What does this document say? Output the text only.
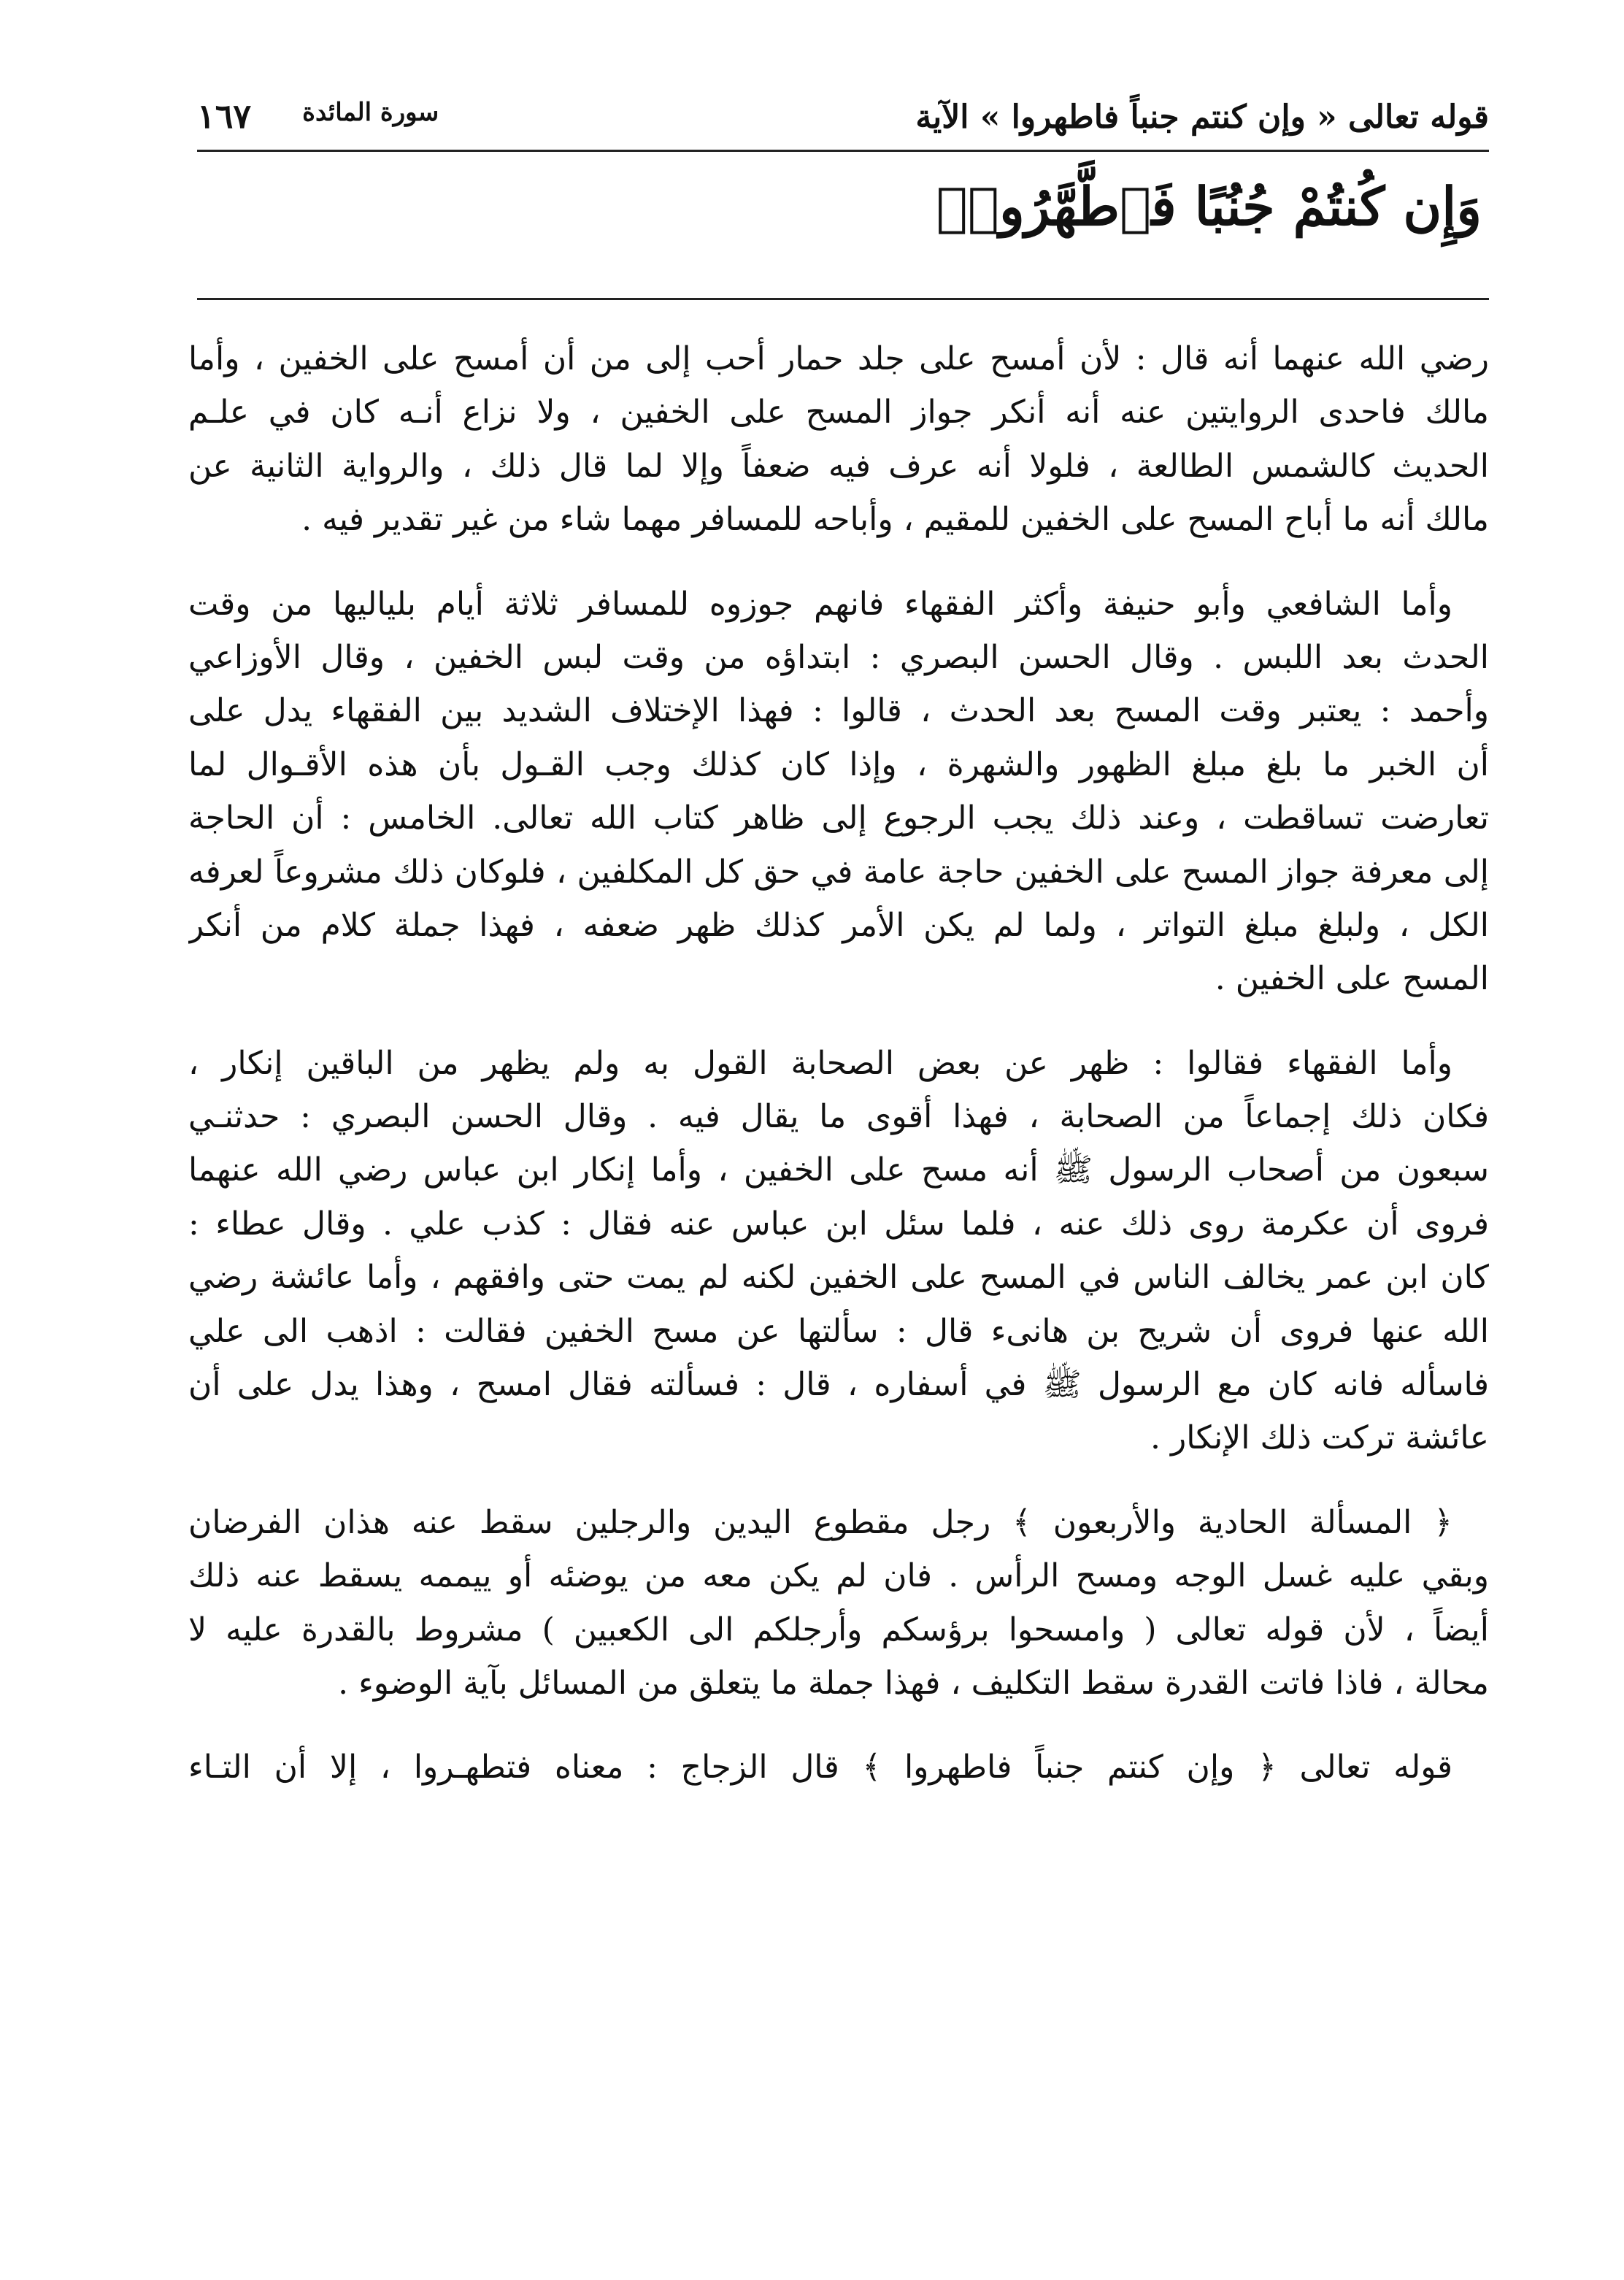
قوله تعالى « وإن كنتم جنباً فاطهروا » الآية
سورة المائدة
١٦٧
وَإِن كُنتُمْ جُنُبًا فَٱطَّهَّرُوا۟
رضي الله عنهما أنه قال : لأن أمسح على جلد حمار أحب إلى من أن أمسح على الخفين ، وأما
مالك فاحدى الروايتين عنه أنه أنكر جواز المسح على الخفين ، ولا نزاع أنـه كان في علـم
الحديث كالشمس الطالعة ، فلولا أنه عرف فيه ضعفاً وإلا لما قال ذلك ، والرواية الثانية عن
مالك أنه ما أباح المسح على الخفين للمقيم ، وأباحه للمسافر مهما شاء من غير تقدير فيه .
وأما الشافعي وأبو حنيفة وأكثر الفقهاء فانهم جوزوه للمسافر ثلاثة أيام بلياليها من وقت
الحدث بعد اللبس . وقال الحسن البصري : ابتداؤه من وقت لبس الخفين ، وقال الأوزاعي
وأحمد : يعتبر وقت المسح بعد الحدث ، قالوا : فهذا الإختلاف الشديد بين الفقهاء يدل على
أن الخبر ما بلغ مبلغ الظهور والشهرة ، وإذا كان كذلك وجب القـول بأن هذه الأقـوال لما
تعارضت تساقطت ، وعند ذلك يجب الرجوع إلى ظاهر كتاب الله تعالى. الخامس : أن الحاجة
إلى معرفة جواز المسح على الخفين حاجة عامة في حق كل المكلفين ، فلوكان ذلك مشروعاً لعرفه
الكل ، ولبلغ مبلغ التواتر ، ولما لم يكن الأمر كذلك ظهر ضعفه ، فهذا جملة كلام من أنكر
المسح على الخفين .
وأما الفقهاء فقالوا : ظهر عن بعض الصحابة القول به ولم يظهر من الباقين إنكار ،
فكان ذلك إجماعاً من الصحابة ، فهذا أقوى ما يقال فيه . وقال الحسن البصري : حدثنـي
سبعون من أصحاب الرسول ﷺ أنه مسح على الخفين ، وأما إنكار ابن عباس رضي الله عنهما
فروى أن عكرمة روى ذلك عنه ، فلما سئل ابن عباس عنه فقال : كذب علي . وقال عطاء :
كان ابن عمر يخالف الناس في المسح على الخفين لكنه لم يمت حتى وافقهم ، وأما عائشة رضي
الله عنها فروى أن شريح بن هانىء قال : سألتها عن مسح الخفين فقالت : اذهب الى علي
فاسأله فانه كان مع الرسول ﷺ في أسفاره ، قال : فسألته فقال امسح ، وهذا يدل على أن
عائشة تركت ذلك الإنكار .
﴿ المسألة الحادية والأربعون ﴾ رجل مقطوع اليدين والرجلين سقط عنه هذان الفرضان
وبقي عليه غسل الوجه ومسح الرأس . فان لم يكن معه من يوضئه أو ييممه يسقط عنه ذلك
أيضاً ، لأن قوله تعالى ( وامسحوا برؤسكم وأرجلكم الى الكعبين ) مشروط بالقدرة عليه لا
محالة ، فاذا فاتت القدرة سقط التكليف ، فهذا جملة ما يتعلق من المسائل بآية الوضوء .
قوله تعالى ﴿ وإن كنتم جنباً فاطهروا ﴾ قال الزجاج : معناه فتطهـروا ، إلا أن التـاء
